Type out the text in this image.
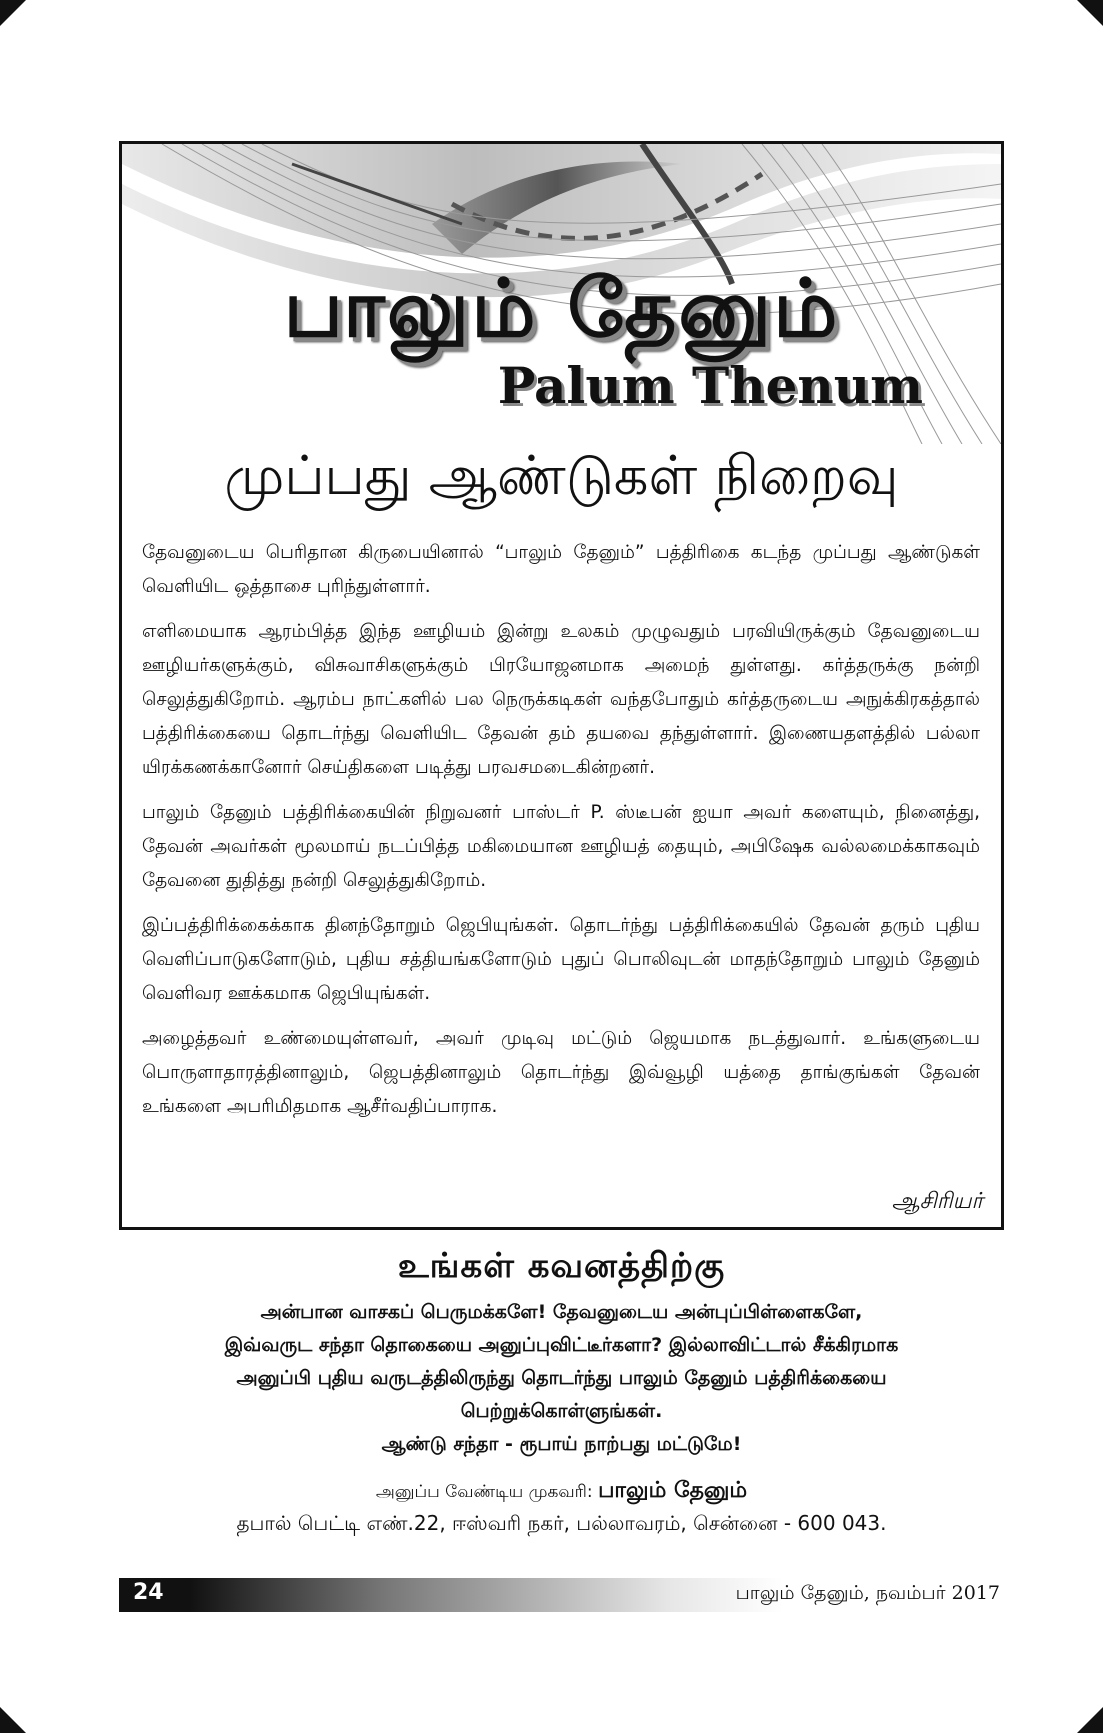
பாலும் தேனும்
Palum Thenum
முப்பது ஆண்டுகள் நிறைவு

தேவனுடைய பெரிதான கிருபையினால் “பாலும் தேனும்” பத்திரிகை கடந்த முப்பது ஆண்டுகள் வெளியிட ஒத்தாசை புரிந்துள்ளார்.

எளிமையாக ஆரம்பித்த இந்த ஊழியம் இன்று உலகம் முழுவதும் பரவியிருக்கும் தேவனுடைய ஊழியர்களுக்கும், விசுவாசிகளுக்கும் பிரயோஜனமாக அமைந் துள்ளது. கர்த்தருக்கு நன்றி செலுத்துகிறோம். ஆரம்ப நாட்களில் பல நெருக்கடிகள் வந்தபோதும் கர்த்தருடைய அநுக்கிரகத்தால் பத்திரிக்கையை தொடர்ந்து வெளியிட தேவன் தம் தயவை தந்துள்ளார். இணையதளத்தில் பல்லா யிரக்கணக்கானோர் செய்திகளை படித்து பரவசமடைகின்றனர்.

பாலும் தேனும் பத்திரிக்கையின் நிறுவனர் பாஸ்டர் P. ஸ்டீபன் ஐயா அவர் களையும், நினைத்து, தேவன் அவர்கள் மூலமாய் நடப்பித்த மகிமையான ஊழியத் தையும், அபிஷேக வல்லமைக்காகவும் தேவனை துதித்து நன்றி செலுத்துகிறோம்.

இப்பத்திரிக்கைக்காக தினந்தோறும் ஜெபியுங்கள். தொடர்ந்து பத்திரிக்கையில் தேவன் தரும் புதிய வெளிப்பாடுகளோடும், புதிய சத்தியங்களோடும் புதுப் பொலிவுடன் மாதந்தோறும் பாலும் தேனும் வெளிவர ஊக்கமாக ஜெபியுங்கள்.

அழைத்தவர் உண்மையுள்ளவர், அவர் முடிவு மட்டும் ஜெயமாக நடத்துவார். உங்களுடைய பொருளாதாரத்தினாலும், ஜெபத்தினாலும் தொடர்ந்து இவ்வூழி யத்தை தாங்குங்கள் தேவன் உங்களை அபரிமிதமாக ஆசீர்வதிப்பாராக.

ஆசிரியர்

உங்கள் கவனத்திற்கு

அன்பான வாசகப் பெருமக்களே! தேவனுடைய அன்புப்பிள்ளைகளே,

இவ்வருட சந்தா தொகையை அனுப்புவிட்டீர்களா? இல்லாவிட்டால் சீக்கிரமாக

அனுப்பி புதிய வருடத்திலிருந்து தொடர்ந்து பாலும் தேனும் பத்திரிக்கையை

பெற்றுக்கொள்ளுங்கள்.

ஆண்டு சந்தா - ரூபாய் நாற்பது மட்டுமே!

அனுப்ப வேண்டிய முகவரி: பாலும் தேனும்
தபால் பெட்டி எண்.22, ஈஸ்வரி நகர், பல்லாவரம், சென்னை - 600 043.
24	பாலும் தேனும், நவம்பர் 2017
